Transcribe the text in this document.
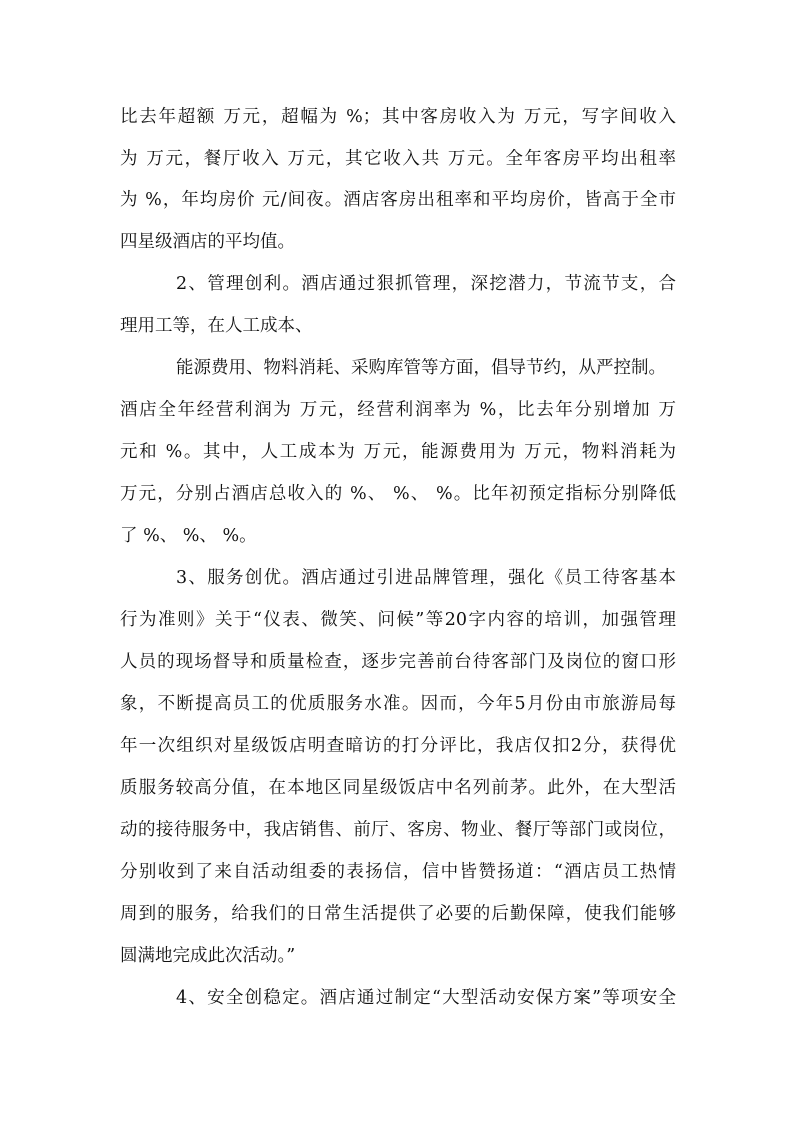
比去年超额 万元，超幅为 %；其中客房收入为 万元，写字间收入
为 万元，餐厅收入 万元，其它收入共 万元。全年客房平均出租率
为 %，年均房价 元/间夜。酒店客房出租率和平均房价，皆高于全市
四星级酒店的平均值。
2、管理创利。酒店通过狠抓管理，深挖潜力，节流节支，合
理用工等，在人工成本、
能源费用、物料消耗、采购库管等方面，倡导节约，从严控制。
酒店全年经营利润为 万元，经营利润率为 %，比去年分别增加 万
元和 %。其中，人工成本为 万元，能源费用为 万元，物料消耗为
万元，分别占酒店总收入的 %、 %、 %。比年初预定指标分别降低
了 %、 %、 %。
3、服务创优。酒店通过引进品牌管理，强化《员工待客基本
行为准则》关于“仪表、微笑、问候”等20字内容的培训，加强管理
人员的现场督导和质量检查，逐步完善前台待客部门及岗位的窗口形
象，不断提高员工的优质服务水准。因而，今年5月份由市旅游局每
年一次组织对星级饭店明查暗访的打分评比，我店仅扣2分，获得优
质服务较高分值，在本地区同星级饭店中名列前茅。此外，在大型活
动的接待服务中，我店销售、前厅、客房、物业、餐厅等部门或岗位，
分别收到了来自活动组委的表扬信，信中皆赞扬道：“酒店员工热情
周到的服务，给我们的日常生活提供了必要的后勤保障，使我们能够
圆满地完成此次活动。”
4、安全创稳定。酒店通过制定“大型活动安保方案”等项安全
